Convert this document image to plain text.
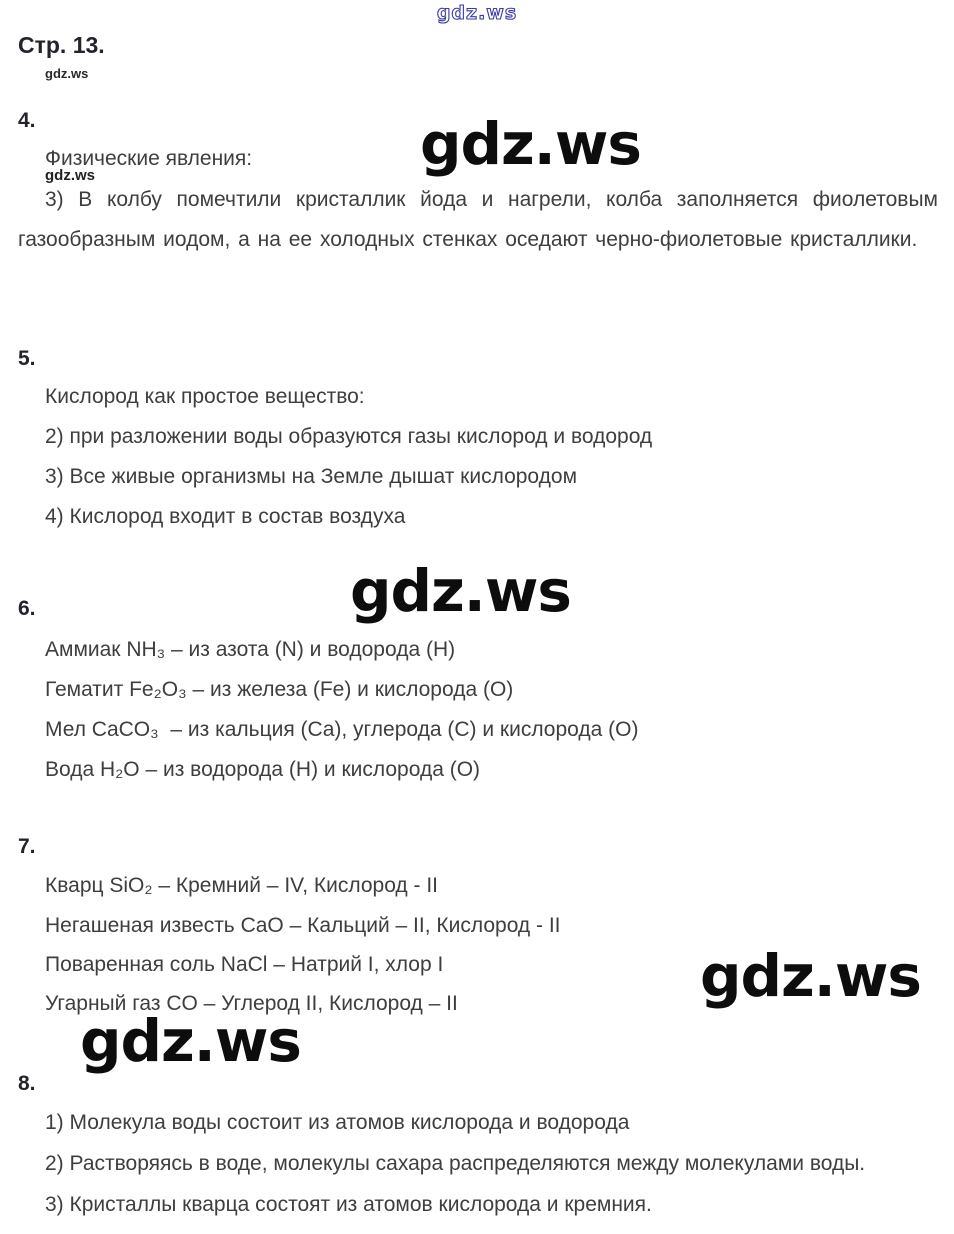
gdz.ws
Стр. 13.
gdz.ws
4.
Физические явления:
gdz.ws	gdz.ws

3) В колбу помечтили кристаллик йода и нагрели, колба заполняется фиолетовым газообразным иодом, а на ее холодных стенках оседают черно-фиолетовые кристаллики.

5.
Кислород как простое вещество:
2) при разложении воды образуются газы кислород и водород
3) Все живые организмы на Земле дышат кислородом
4) Кислород входит в состав воздуха
gdz.ws
6.
Аммиак NH₃ – из азота (N) и водорода (H)
Гематит Fe₂O₃ – из железа (Fe) и кислорода (O)
Мел CaCO₃  – из кальция (Ca), углерода (C) и кислорода (O)
Вода H₂O – из водорода (H) и кислорода (O)
7.
Кварц SiO₂ – Кремний – IV, Кислород - II
Негашеная известь CaO – Кальций – II, Кислород - II
Поваренная соль NaCl – Натрий I, хлор I
Угарный газ CO – Углерод II, Кислород – II	gdz.ws
gdz.ws
8.
1) Молекула воды состоит из атомов кислорода и водорода
2) Растворяясь в воде, молекулы сахара распределяются между молекулами воды.
3) Кристаллы кварца состоят из атомов кислорода и кремния.
